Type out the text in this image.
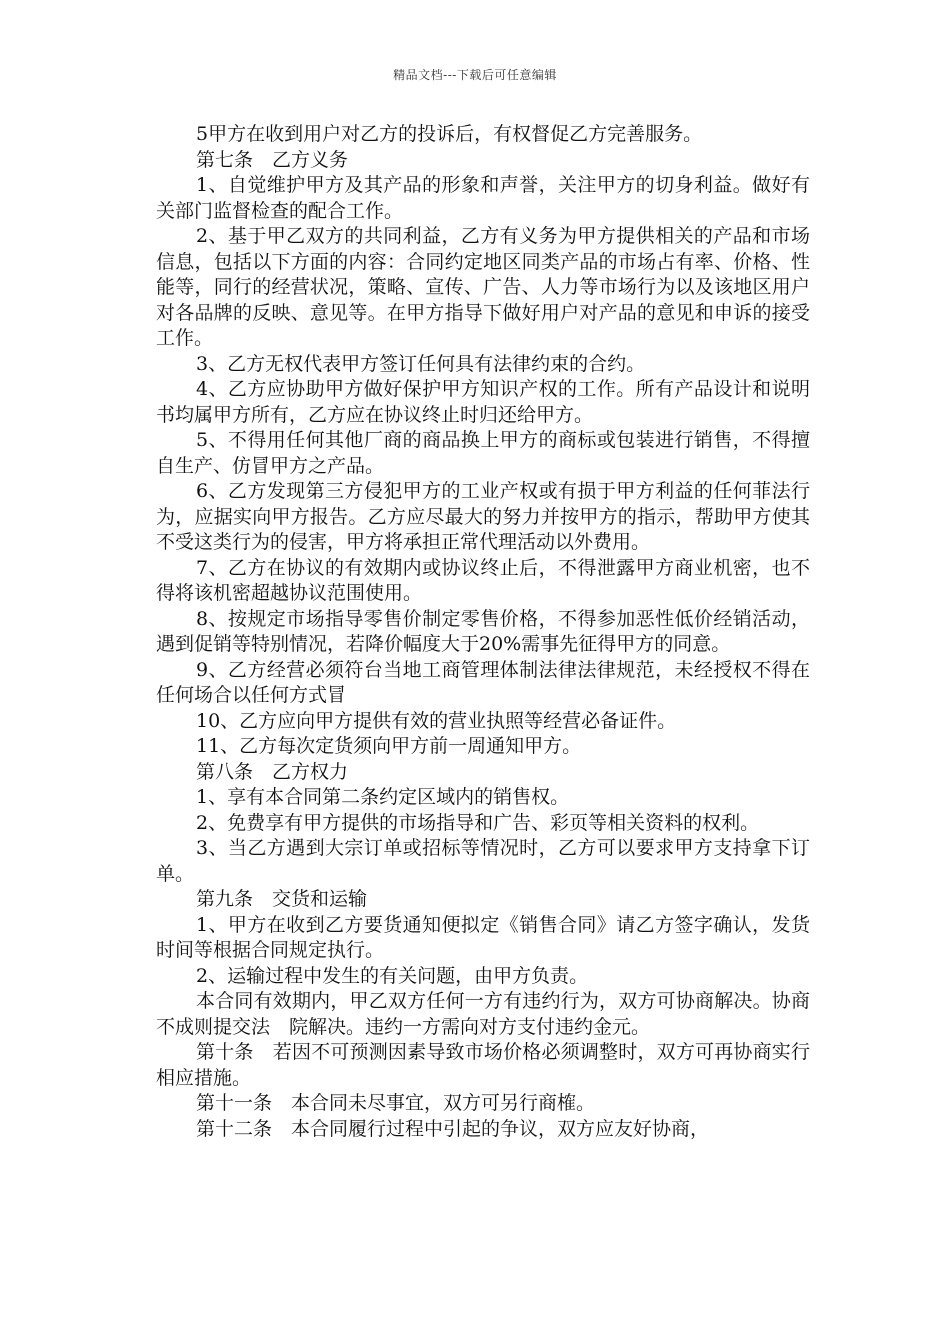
精品文档---下载后可任意编辑

5甲方在收到用户对乙方的投诉后，有权督促乙方完善服务。

第七条　乙方义务

1、自觉维护甲方及其产品的形象和声誉，关注甲方的切身利益。做好有关部门监督检查的配合工作。

2、基于甲乙双方的共同利益，乙方有义务为甲方提供相关的产品和市场信息，包括以下方面的内容：合同约定地区同类产品的市场占有率、价格、性能等，同行的经营状况，策略、宣传、广告、人力等市场行为以及该地区用户对各品牌的反映、意见等。在甲方指导下做好用户对产品的意见和申诉的接受工作。

3、乙方无权代表甲方签订任何具有法律约束的合约。

4、乙方应协助甲方做好保护甲方知识产权的工作。所有产品设计和说明书均属甲方所有，乙方应在协议终止时归还给甲方。

5、不得用任何其他厂商的商品换上甲方的商标或包装进行销售，不得擅自生产、仿冒甲方之产品。

6、乙方发现第三方侵犯甲方的工业产权或有损于甲方利益的任何菲法行为，应据实向甲方报告。乙方应尽最大的努力并按甲方的指示，帮助甲方使其不受这类行为的侵害，甲方将承担正常代理活动以外费用。

7、乙方在协议的有效期内或协议终止后，不得泄露甲方商业机密，也不得将该机密超越协议范围使用。

8、按规定市场指导零售价制定零售价格，不得参加恶性低价经销活动，遇到促销等特别情况，若降价幅度大于20%需事先征得甲方的同意。

9、乙方经营必须符台当地工商管理体制法律法律规范，未经授权不得在任何场合以任何方式冒

10、乙方应向甲方提供有效的营业执照等经营必备证件。

11、乙方每次定货须向甲方前一周通知甲方。

第八条　乙方权力

1、享有本合同第二条约定区域内的销售权。

2、免费享有甲方提供的市场指导和广告、彩页等相关资料的权利。

3、当乙方遇到大宗订单或招标等情况时，乙方可以要求甲方支持拿下订单。

第九条　交货和运输

1、甲方在收到乙方要货通知便拟定《销售合同》请乙方签字确认，发货时间等根据合同规定执行。

2、运输过程中发生的有关问题，由甲方负责。

本合同有效期内，甲乙双方任何一方有违约行为，双方可协商解决。协商不成则提交法　院解决。违约一方需向对方支付违约金元。

第十条　若因不可预测因素导致市场价格必须调整时，双方可再协商实行相应措施。

第十一条　本合同未尽事宜，双方可另行商榷。

第十二条　本合同履行过程中引起的争议，双方应友好协商，
